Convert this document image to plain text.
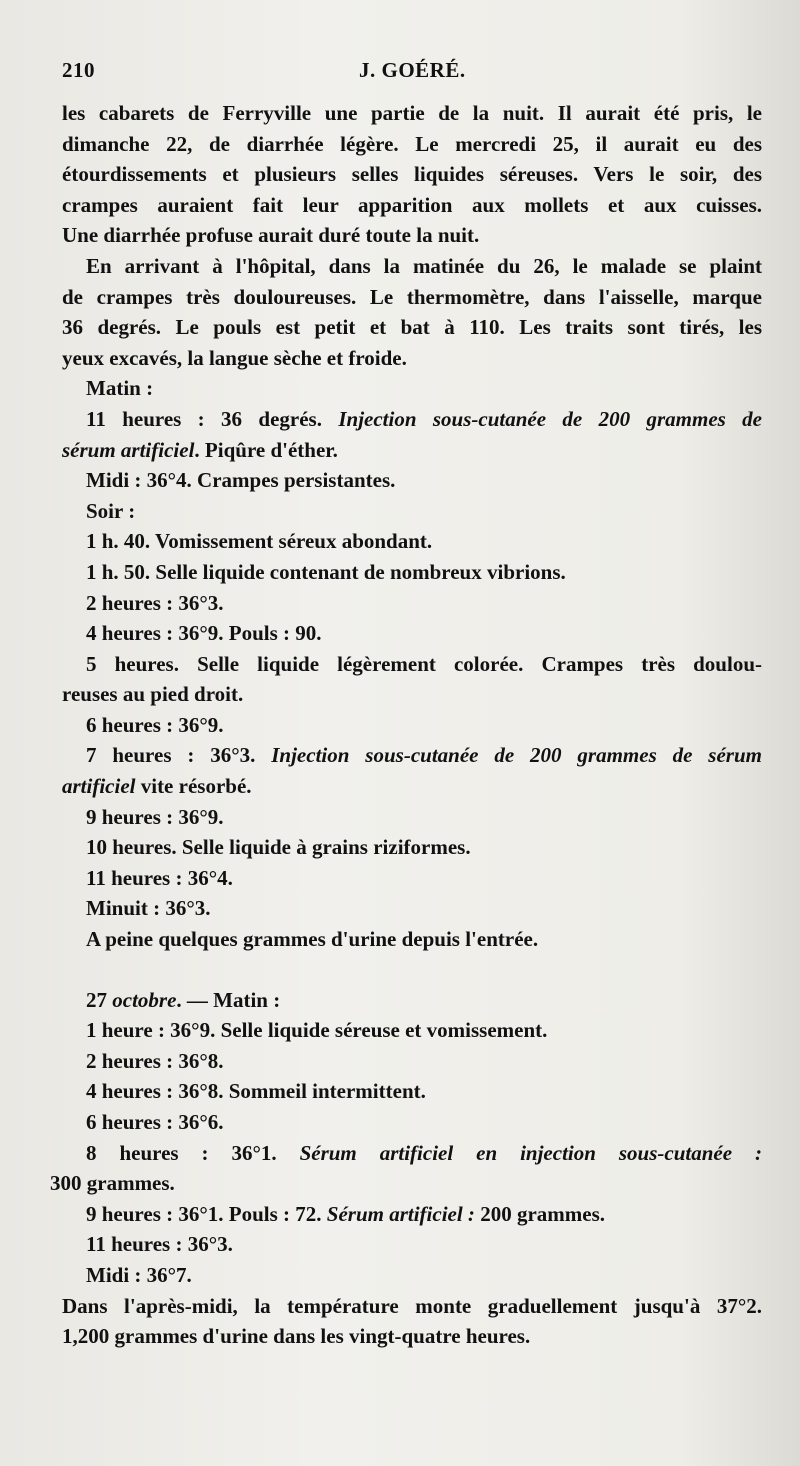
210	J. GOÉRÉ.
les cabarets de Ferryville une partie de la nuit. Il aurait été pris, le
dimanche 22, de diarrhée légère. Le mercredi 25, il aurait eu des
étourdissements et plusieurs selles liquides séreuses. Vers le soir, des
crampes auraient fait leur apparition aux mollets et aux cuisses.
Une diarrhée profuse aurait duré toute la nuit.
En arrivant à l'hôpital, dans la matinée du 26, le malade se plaint
de crampes très douloureuses. Le thermomètre, dans l'aisselle, marque
36 degrés. Le pouls est petit et bat à 110. Les traits sont tirés, les
yeux excavés, la langue sèche et froide.
Matin :
11 heures : 36 degrés. Injection sous-cutanée de 200 grammes de
sérum artificiel. Piqûre d'éther.
Midi : 36°4. Crampes persistantes.
Soir :
1 h. 40. Vomissement séreux abondant.
1 h. 50. Selle liquide contenant de nombreux vibrions.
2 heures : 36°3.
4 heures : 36°9. Pouls : 90.
5 heures. Selle liquide légèrement colorée. Crampes très doulou-
reuses au pied droit.
6 heures : 36°9.
7 heures : 36°3. Injection sous-cutanée de 200 grammes de sérum
artificiel vite résorbé.
9 heures : 36°9.
10 heures. Selle liquide à grains riziformes.
11 heures : 36°4.
Minuit : 36°3.
A peine quelques grammes d'urine depuis l'entrée.
27 octobre. — Matin :
1 heure : 36°9. Selle liquide séreuse et vomissement.
2 heures : 36°8.
4 heures : 36°8. Sommeil intermittent.
6 heures : 36°6.
8 heures : 36°1. Sérum artificiel en injection sous-cutanée :
300 grammes.
9 heures : 36°1. Pouls : 72. Sérum artificiel : 200 grammes.
11 heures : 36°3.
Midi : 36°7.
Dans l'après-midi, la température monte graduellement jusqu'à 37°2.
1,200 grammes d'urine dans les vingt-quatre heures.
